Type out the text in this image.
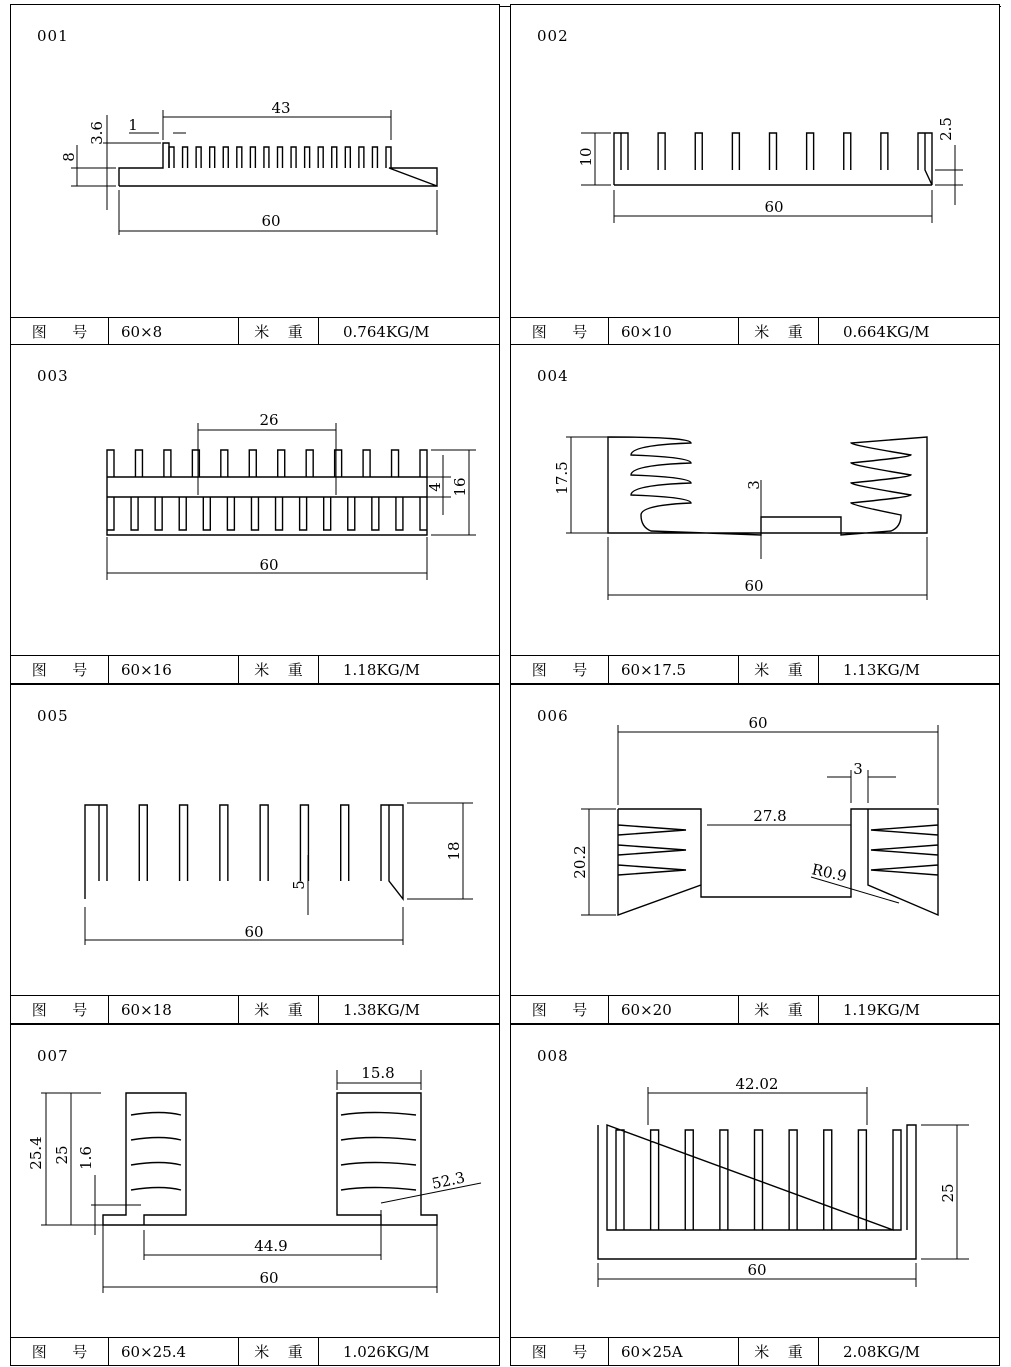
001
60
43
1
3.6
8
图 号	60×8	米 重	0.764KG/M
002
60
10
2.5
图 号	60×10	米 重	0.664KG/M
003
60
26
4 16
图 号	60×16	米 重	1.18KG/M
004
60
17.5	3
图 号	60×17.5	米 重	1.13KG/M
005
60
18
5
图 号	60×18	米 重	1.38KG/M
006	60
27.8
3
20.2	R0.9
图 号	60×20	米 重	1.19KG/M
007
60
44.9
15.8
25.4 25 1.6
52.3
图 号	60×25.4	米 重	1.026KG/M
008
60
42.02
25
图 号	60×25A	米 重	2.08KG/M
